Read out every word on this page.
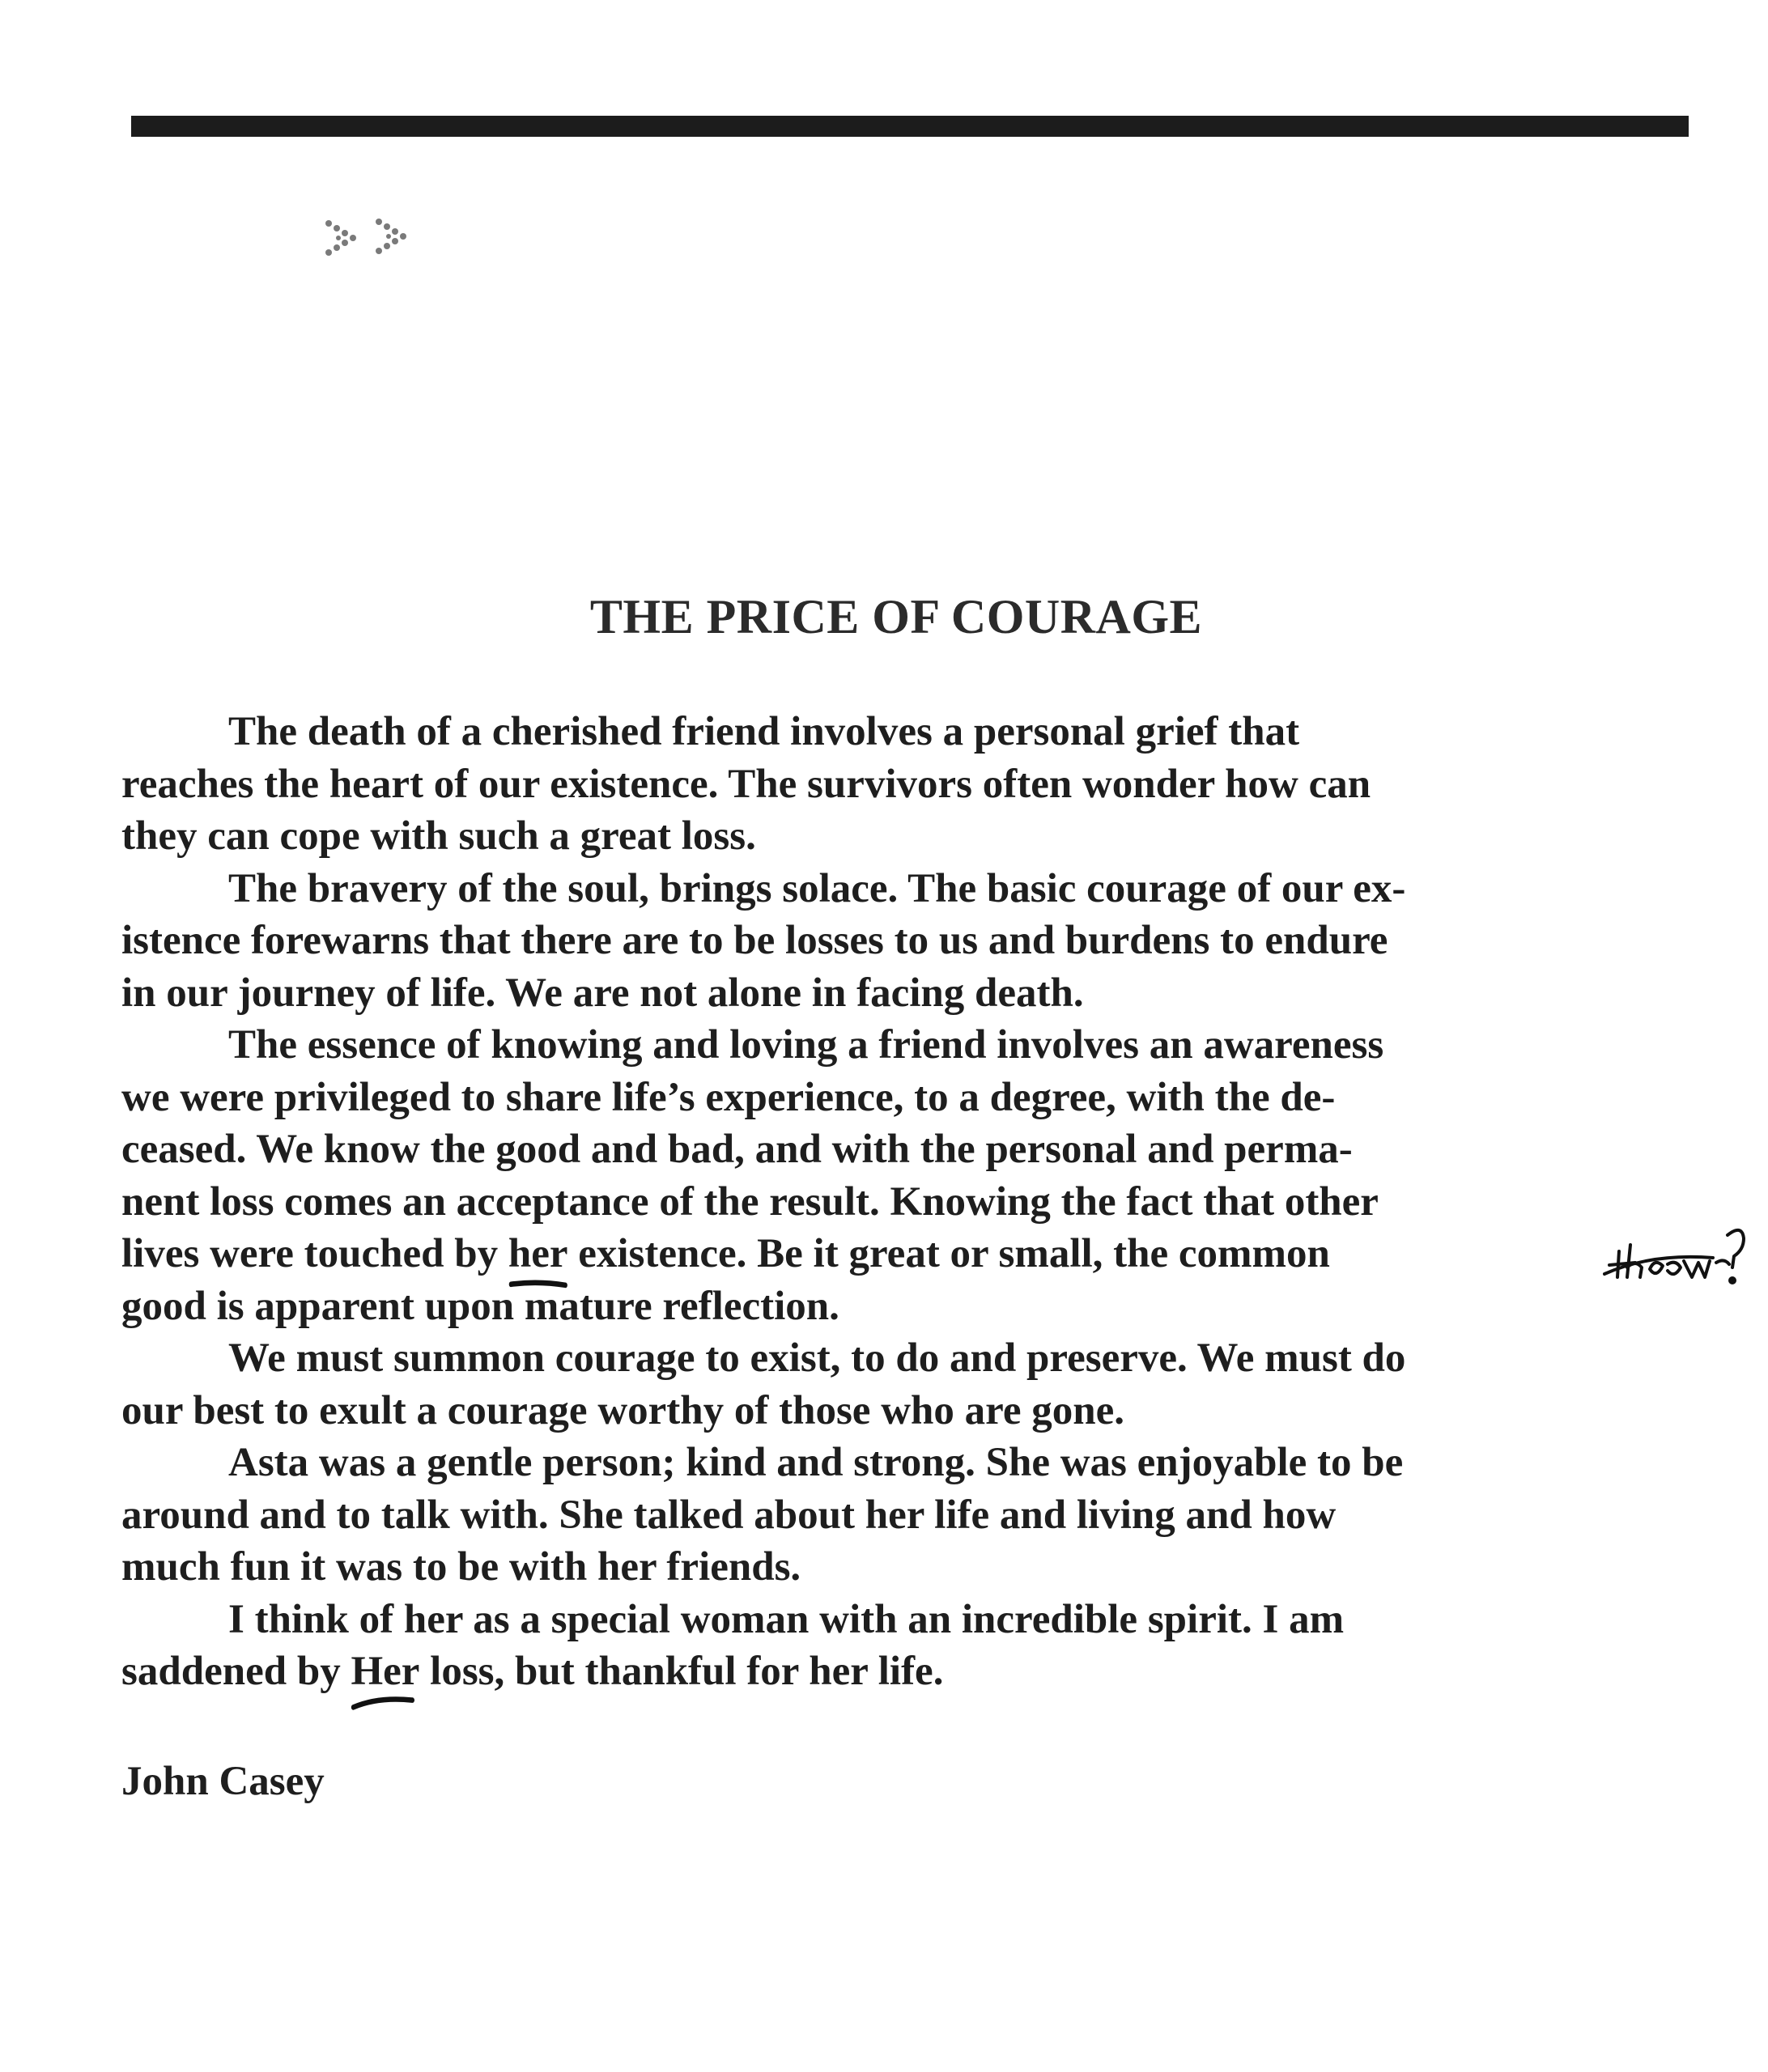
THE PRICE OF COURAGE
The death of a cherished friend involves a personal grief that
reaches the heart of our existence. The survivors often wonder how can
they can cope with such a great loss.
The bravery of the soul, brings solace. The basic courage of our ex-
istence forewarns that there are to be losses to us and burdens to endure
in our journey of life. We are not alone in facing death.
The essence of knowing and loving a friend involves an awareness
we were privileged to share life’s experience, to a degree, with the de-
ceased. We know the good and bad, and with the personal and perma-
nent loss comes an acceptance of the result. Knowing the fact that other
lives were touched by her
existence. Be it great or small, the common
good is apparent upon mature reflection.
We must summon courage to exist, to do and preserve. We must do
our best to exult a courage worthy of those who are gone.
Asta was a gentle person; kind and strong. She was enjoyable to be
around and to talk with. She talked about her life and living and how
much fun it was to be with her friends.
I think of her as a special woman with an incredible spirit. I am
saddened by Her
loss, but thankful for her life.

John Casey
